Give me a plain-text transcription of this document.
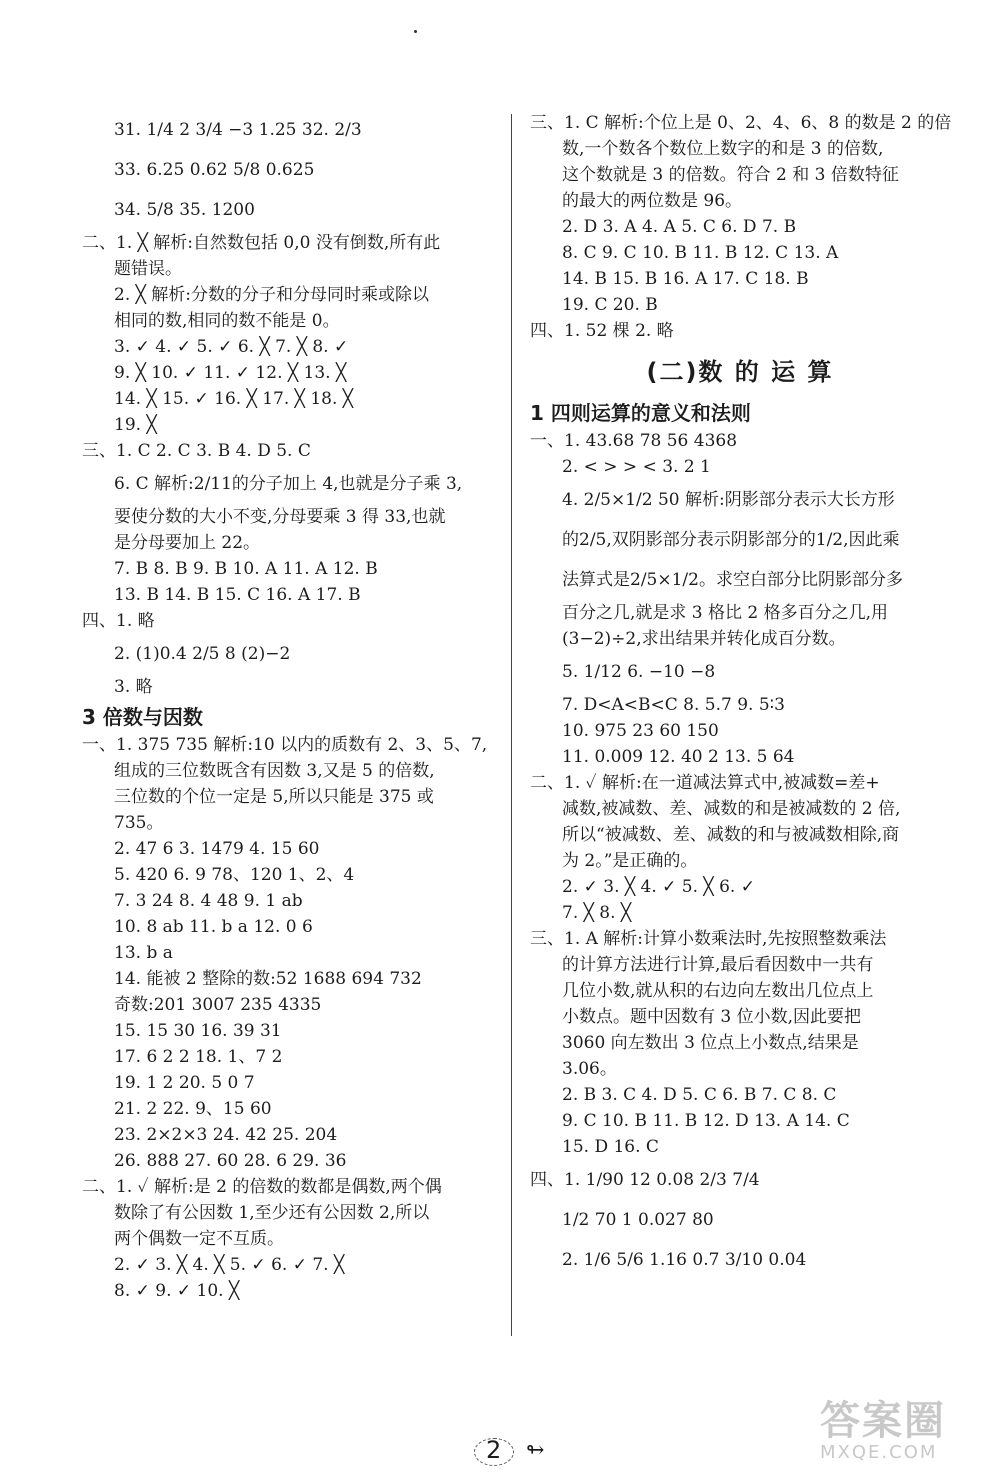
31. 1/4 2 3/4 −3 1.25 32. 2/3
33. 6.25 0.62 5/8 0.625
34. 5/8 35. 1200
二、1. ╳ 解析:自然数包括 0,0 没有倒数,所有此
题错误。
2. ╳ 解析:分数的分子和分母同时乘或除以
相同的数,相同的数不能是 0。
3. ✓ 4. ✓ 5. ✓ 6. ╳ 7. ╳ 8. ✓
9. ╳ 10. ✓ 11. ✓ 12. ╳ 13. ╳
14. ╳ 15. ✓ 16. ╳ 17. ╳ 18. ╳
19. ╳
三、1. C 2. C 3. B 4. D 5. C
6. C 解析:2/11的分子加上 4,也就是分子乘 3,
要使分数的大小不变,分母要乘 3 得 33,也就
是分母要加上 22。
7. B 8. B 9. B 10. A 11. A 12. B
13. B 14. B 15. C 16. A 17. B
四、1. 略
2. (1)0.4 2/5 8 (2)−2
3. 略
3 倍数与因数
一、1. 375 735 解析:10 以内的质数有 2、3、5、7,
组成的三位数既含有因数 3,又是 5 的倍数,
三位数的个位一定是 5,所以只能是 375 或
735。
2. 47 6 3. 1479 4. 15 60
5. 420 6. 9 78、120 1、2、4
7. 3 24 8. 4 48 9. 1 ab
10. 8 ab 11. b a 12. 0 6
13. b a
14. 能被 2 整除的数:52 1688 694 732
奇数:201 3007 235 4335
15. 15 30 16. 39 31
17. 6 2 2 18. 1、7 2
19. 1 2 20. 5 0 7
21. 2 22. 9、15 60
23. 2×2×3 24. 42 25. 204
26. 888 27. 60 28. 6 29. 36
二、1. ✓ 解析:是 2 的倍数的数都是偶数,两个偶
数除了有公因数 1,至少还有公因数 2,所以
两个偶数一定不互质。
2. ✓ 3. ╳ 4. ╳ 5. ✓ 6. ✓ 7. ╳
8. ✓ 9. ✓ 10. ╳
三、1. C 解析:个位上是 0、2、4、6、8 的数是 2 的倍
数,一个数各个数位上数字的和是 3 的倍数,
这个数就是 3 的倍数。符合 2 和 3 倍数特征
的最大的两位数是 96。
2. D 3. A 4. A 5. C 6. D 7. B
8. C 9. C 10. B 11. B 12. C 13. A
14. B 15. B 16. A 17. C 18. B
19. C 20. B
四、1. 52 棵 2. 略
(二)数 的 运 算
1 四则运算的意义和法则
一、1. 43.68 78 56 4368
2. < > > < 3. 2 1
4. 2/5×1/2 50 解析:阴影部分表示大长方形
的2/5,双阴影部分表示阴影部分的1/2,因此乘
法算式是2/5×1/2。求空白部分比阴影部分多
百分之几,就是求 3 格比 2 格多百分之几,用
(3−2)÷2,求出结果并转化成百分数。
5. 1/12 6. −10 −8
7. D<A<B<C 8. 5.7 9. 5∶3
10. 975 23 60 150
11. 0.009 12. 40 2 13. 5 64
二、1. ✓ 解析:在一道减法算式中,被减数=差+
减数,被减数、差、减数的和是被减数的 2 倍,
所以“被减数、差、减数的和与被减数相除,商
为 2。”是正确的。
2. ✓ 3. ╳ 4. ✓ 5. ╳ 6. ✓
7. ╳ 8. ╳
三、1. A 解析:计算小数乘法时,先按照整数乘法
的计算方法进行计算,最后看因数中一共有
几位小数,就从积的右边向左数出几位点上
小数点。题中因数有 3 位小数,因此要把
3060 向左数出 3 位点上小数点,结果是
3.06。
2. B 3. C 4. D 5. C 6. B 7. C 8. C
9. C 10. B 11. B 12. D 13. A 14. C
15. D 16. C
四、1. 1/90 12 0.08 2/3 7/4
1/2 70 1 0.027 80
2. 1/6 5/6 1.16 0.7 3/10 0.04
2 ↬
答案圈
MXQE.COM
